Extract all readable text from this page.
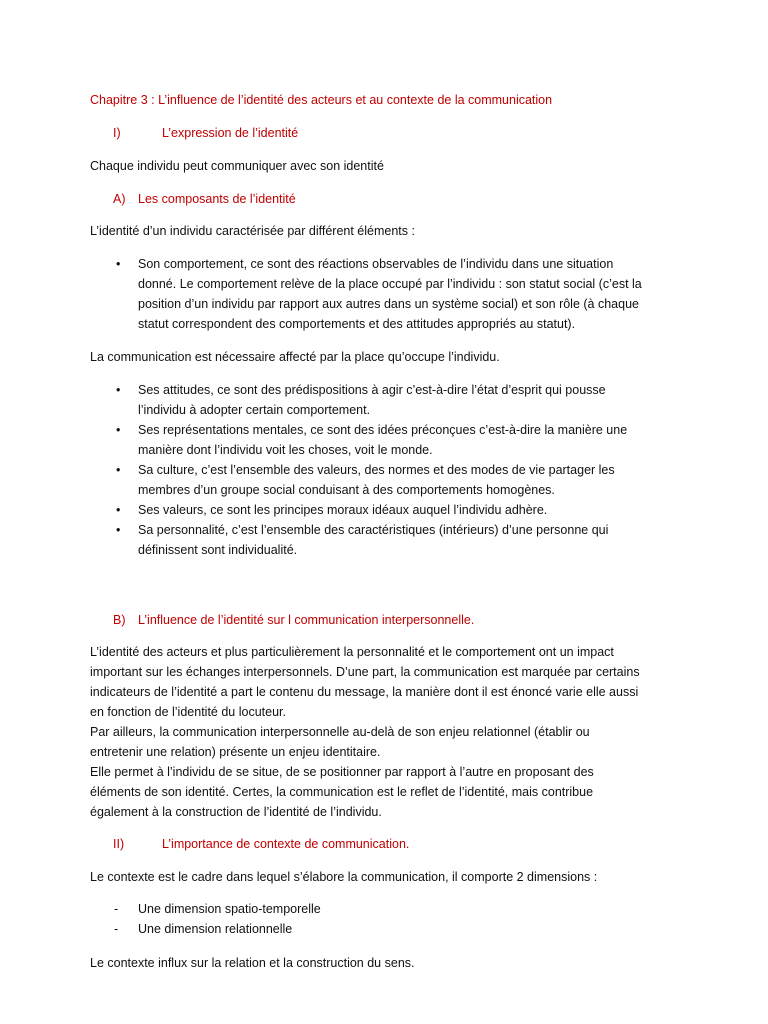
Chapitre 3 : L’influence de l’identité des acteurs et au contexte de la communication

I)	L’expression de l’identité

Chaque individu peut communiquer avec son identité

A) Les composants de l’identité

L’identité d’un individu caractérisée par différent éléments :

• Son comportement, ce sont des réactions observables de l’individu dans une situation
donné. Le comportement relève de la place occupé par l’individu : son statut social (c’est la
position d’un individu par rapport aux autres dans un système social) et son rôle (à chaque
statut correspondent des comportements et des attitudes appropriés au statut).

La communication est nécessaire affecté par la place qu’occupe l’individu.

• Ses attitudes, ce sont des prédispositions à agir c’est-à-dire l’état d’esprit qui pousse
l’individu à adopter certain comportement.
• Ses représentations mentales, ce sont des idées préconçues c’est-à-dire la manière une
manière dont l’individu voit les choses, voit le monde.
• Sa culture, c’est l’ensemble des valeurs, des normes et des modes de vie partager les
membres d’un groupe social conduisant à des comportements homogènes.
• Ses valeurs, ce sont les principes moraux idéaux auquel l’individu adhère.
• Sa personnalité, c’est l’ensemble des caractéristiques (intérieurs) d’une personne qui
définissent sont individualité.
B) L’influence de l’identité sur l communication interpersonnelle.
L’identité des acteurs et plus particulièrement la personnalité et le comportement ont un impact
important sur les échanges interpersonnels. D’une part, la communication est marquée par certains
indicateurs de l’identité a part le contenu du message, la manière dont il est énoncé varie elle aussi
en fonction de l’identité du locuteur.
Par ailleurs, la communication interpersonnelle au-delà de son enjeu relationnel (établir ou
entretenir une relation) présente un enjeu identitaire.
Elle permet à l’individu de se situe, de se positionner par rapport à l’autre en proposant des
éléments de son identité. Certes, la communication est le reflet de l’identité, mais contribue
également à la construction de l’identité de l’individu.
II)	L’importance de contexte de communication.

Le contexte est le cadre dans lequel s’élabore la communication, il comporte 2 dimensions :

- Une dimension spatio-temporelle
- Une dimension relationnelle

Le contexte influx sur la relation et la construction du sens.
